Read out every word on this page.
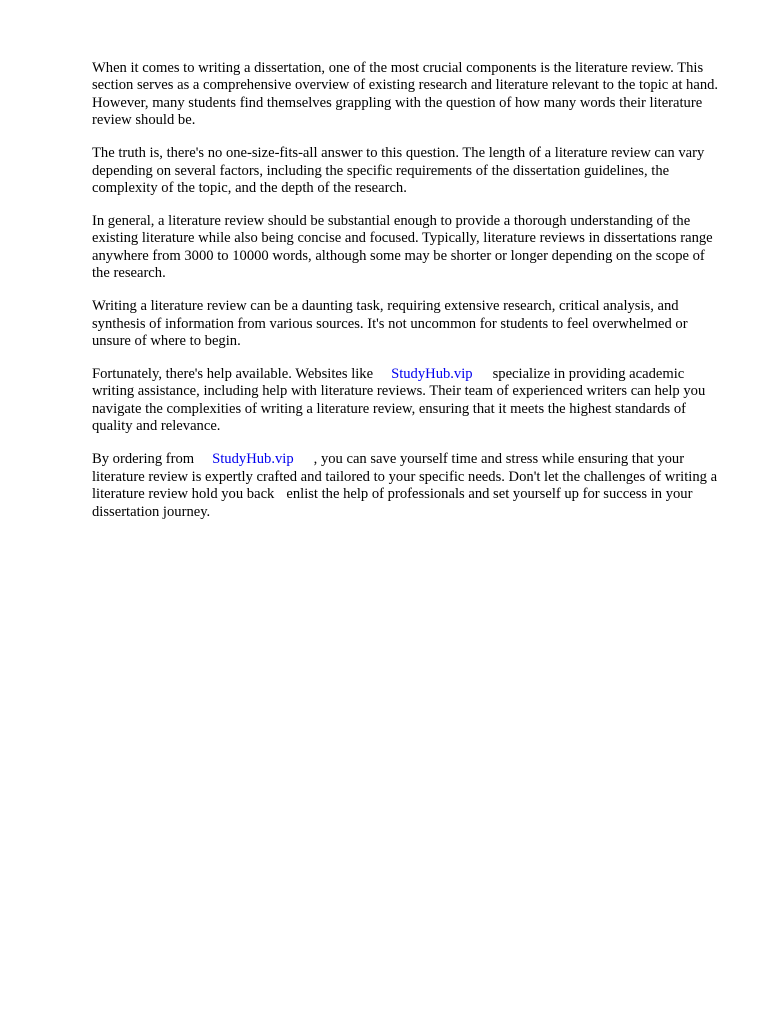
When it comes to writing a dissertation, one of the most crucial components is the literature review. This section serves as a comprehensive overview of existing research and literature relevant to the topic at hand. However, many students find themselves grappling with the question of how many words their literature review should be.

The truth is, there's no one-size-fits-all answer to this question. The length of a literature review can vary depending on several factors, including the specific requirements of the dissertation guidelines, the complexity of the topic, and the depth of the research.

In general, a literature review should be substantial enough to provide a thorough understanding of the existing literature while also being concise and focused. Typically, literature reviews in dissertations range anywhere from 3000 to 10000 words, although some may be shorter or longer depending on the scope of the research.

Writing a literature review can be a daunting task, requiring extensive research, critical analysis, and synthesis of information from various sources. It's not uncommon for students to feel overwhelmed or unsure of where to begin.

Fortunately, there's help available. Websites like StudyHub.vip specialize in providing academic writing assistance, including help with literature reviews. Their team of experienced writers can help you navigate the complexities of writing a literature review, ensuring that it meets the highest standards of quality and relevance.

By ordering from StudyHub.vip , you can save yourself time and stress while ensuring that your literature review is expertly crafted and tailored to your specific needs. Don't let the challenges of writing a literature review hold you back enlist the help of professionals and set yourself up for success in your dissertation journey.
